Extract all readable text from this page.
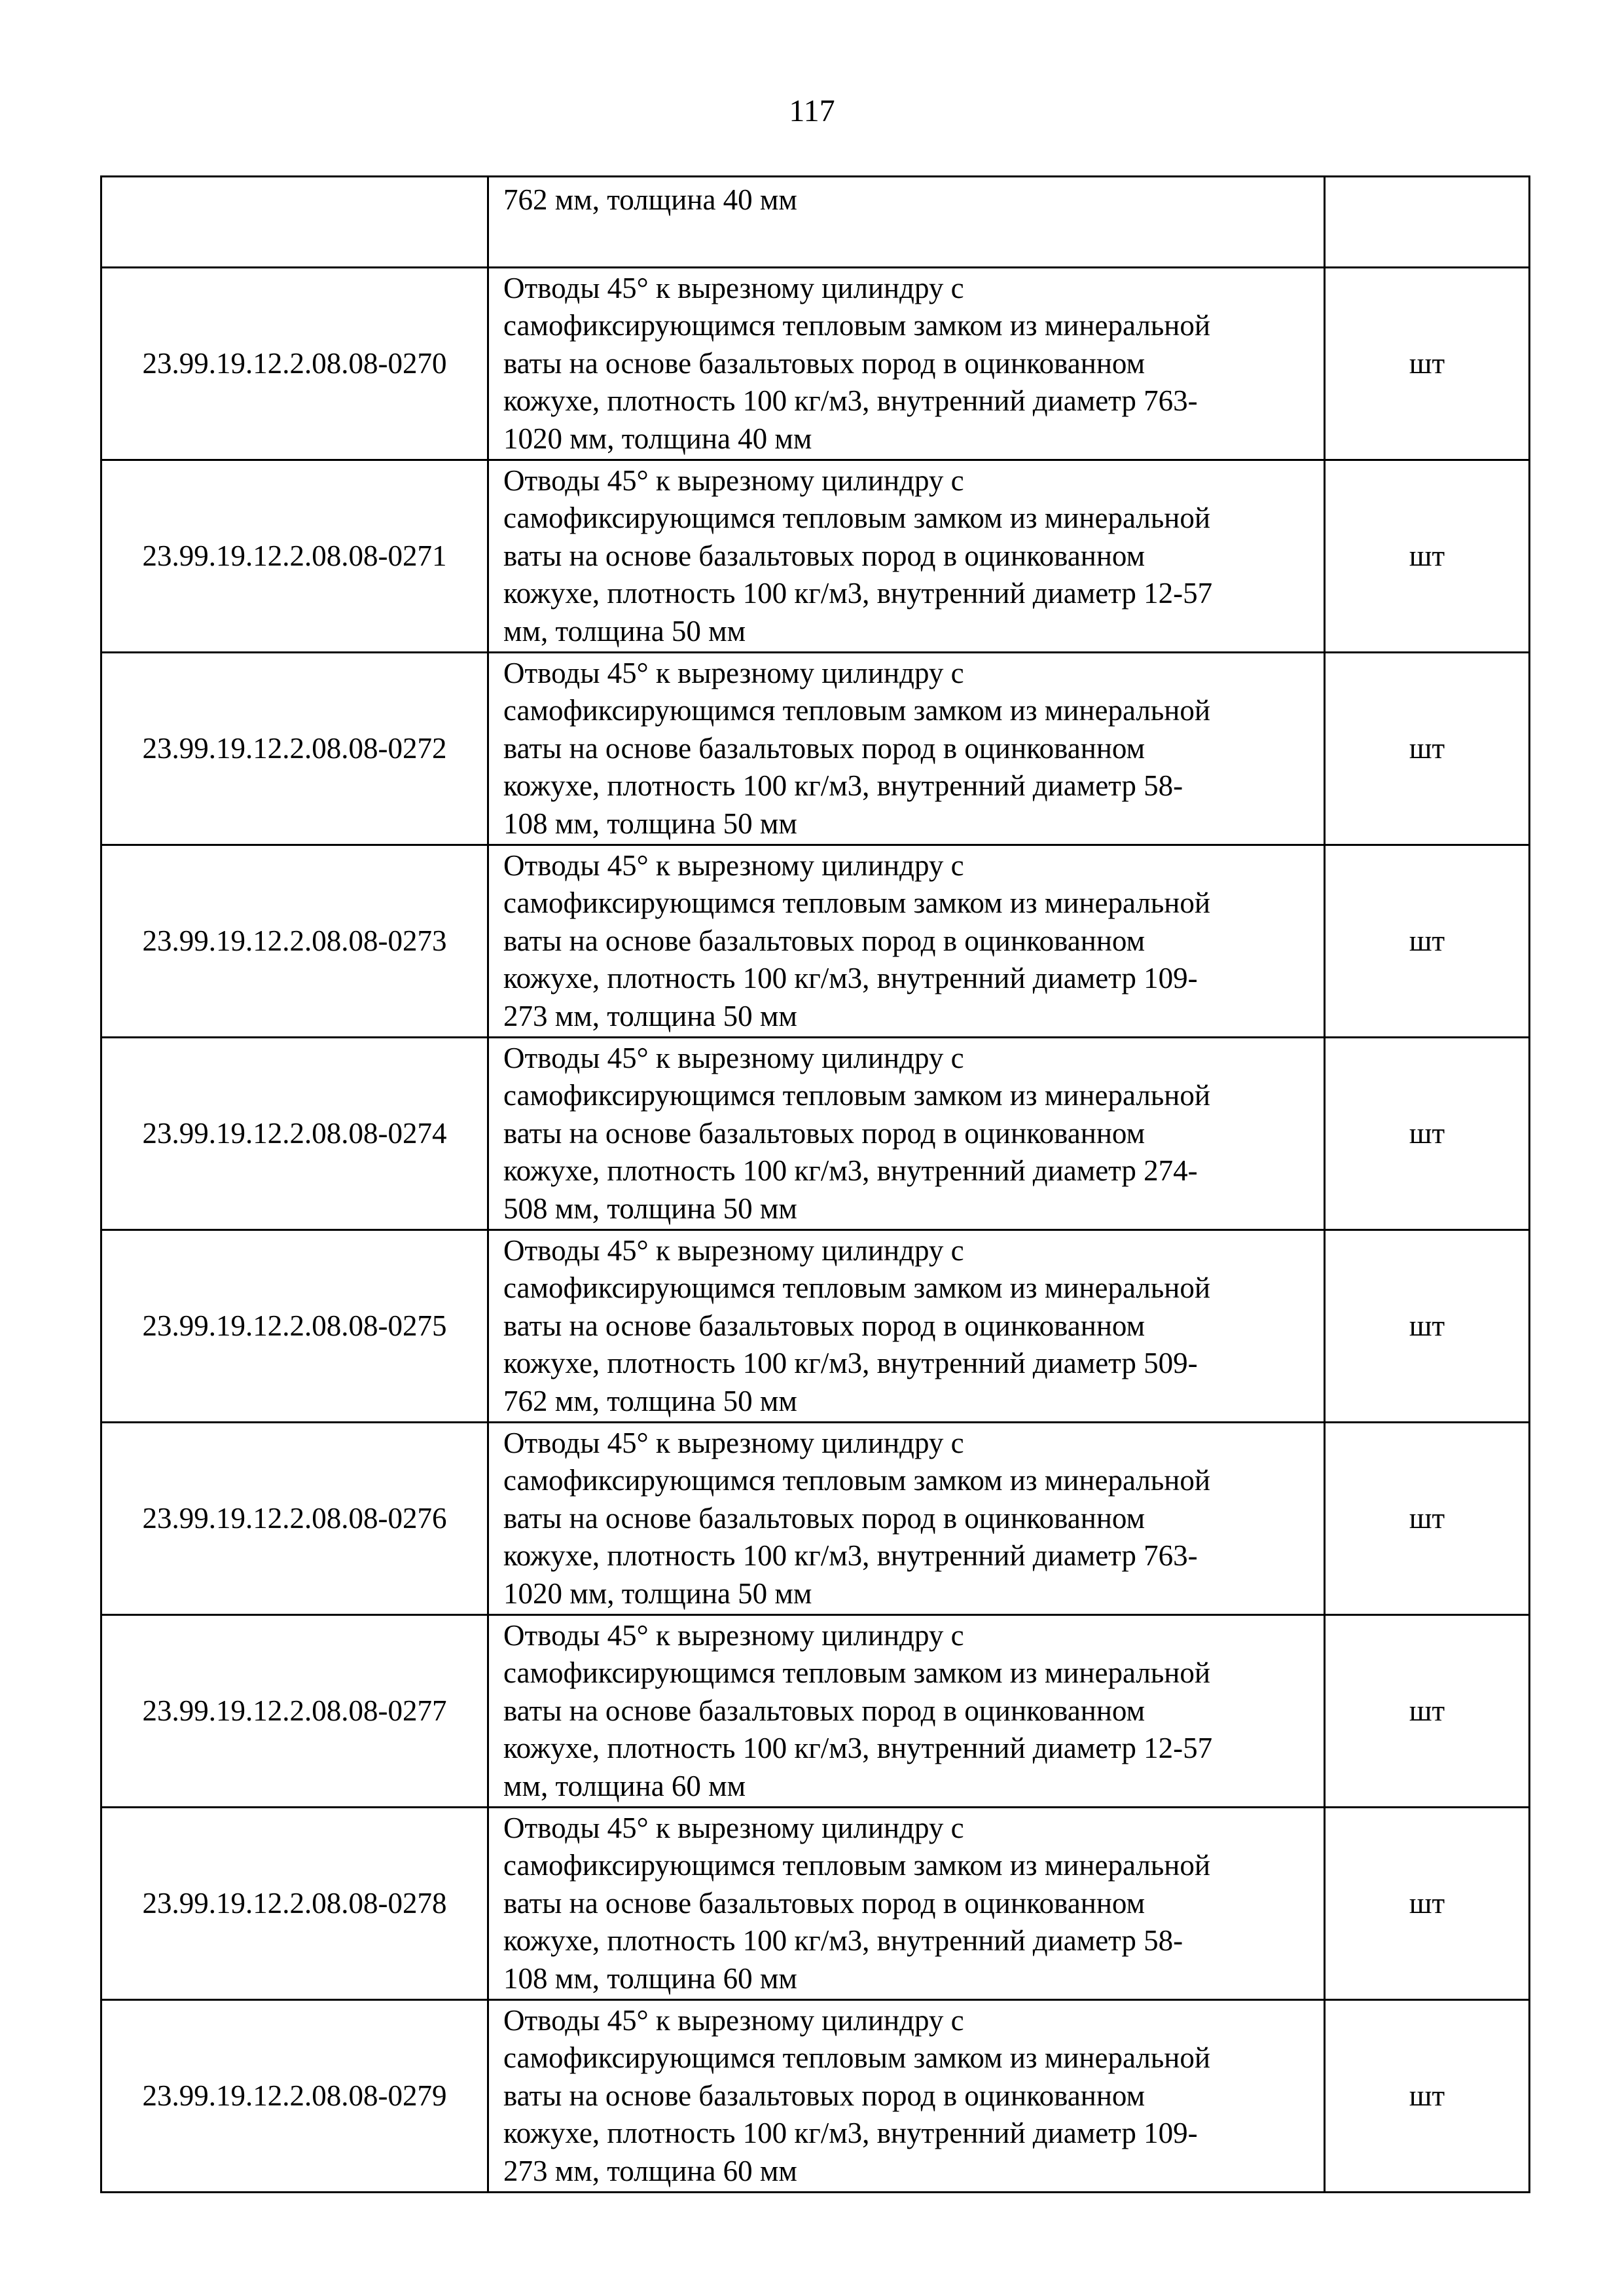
117
	762 мм, толщина 40 мм	
23.99.19.12.2.08.08-0270	Отводы 45° к вырезному цилиндру с
самофиксирующимся тепловым замком из минеральной
ваты на основе базальтовых пород в оцинкованном
кожухе, плотность 100 кг/м3, внутренний диаметр 763-
1020 мм, толщина 40 мм	шт
23.99.19.12.2.08.08-0271	Отводы 45° к вырезному цилиндру с
самофиксирующимся тепловым замком из минеральной
ваты на основе базальтовых пород в оцинкованном
кожухе, плотность 100 кг/м3, внутренний диаметр 12-57
мм, толщина 50 мм	шт
23.99.19.12.2.08.08-0272	Отводы 45° к вырезному цилиндру с
самофиксирующимся тепловым замком из минеральной
ваты на основе базальтовых пород в оцинкованном
кожухе, плотность 100 кг/м3, внутренний диаметр 58-
108 мм, толщина 50 мм	шт
23.99.19.12.2.08.08-0273	Отводы 45° к вырезному цилиндру с
самофиксирующимся тепловым замком из минеральной
ваты на основе базальтовых пород в оцинкованном
кожухе, плотность 100 кг/м3, внутренний диаметр 109-
273 мм, толщина 50 мм	шт
23.99.19.12.2.08.08-0274	Отводы 45° к вырезному цилиндру с
самофиксирующимся тепловым замком из минеральной
ваты на основе базальтовых пород в оцинкованном
кожухе, плотность 100 кг/м3, внутренний диаметр 274-
508 мм, толщина 50 мм	шт
23.99.19.12.2.08.08-0275	Отводы 45° к вырезному цилиндру с
самофиксирующимся тепловым замком из минеральной
ваты на основе базальтовых пород в оцинкованном
кожухе, плотность 100 кг/м3, внутренний диаметр 509-
762 мм, толщина 50 мм	шт
23.99.19.12.2.08.08-0276	Отводы 45° к вырезному цилиндру с
самофиксирующимся тепловым замком из минеральной
ваты на основе базальтовых пород в оцинкованном
кожухе, плотность 100 кг/м3, внутренний диаметр 763-
1020 мм, толщина 50 мм	шт
23.99.19.12.2.08.08-0277	Отводы 45° к вырезному цилиндру с
самофиксирующимся тепловым замком из минеральной
ваты на основе базальтовых пород в оцинкованном
кожухе, плотность 100 кг/м3, внутренний диаметр 12-57
мм, толщина 60 мм	шт
23.99.19.12.2.08.08-0278	Отводы 45° к вырезному цилиндру с
самофиксирующимся тепловым замком из минеральной
ваты на основе базальтовых пород в оцинкованном
кожухе, плотность 100 кг/м3, внутренний диаметр 58-
108 мм, толщина 60 мм	шт
23.99.19.12.2.08.08-0279	Отводы 45° к вырезному цилиндру с
самофиксирующимся тепловым замком из минеральной
ваты на основе базальтовых пород в оцинкованном
кожухе, плотность 100 кг/м3, внутренний диаметр 109-
273 мм, толщина 60 мм	шт
